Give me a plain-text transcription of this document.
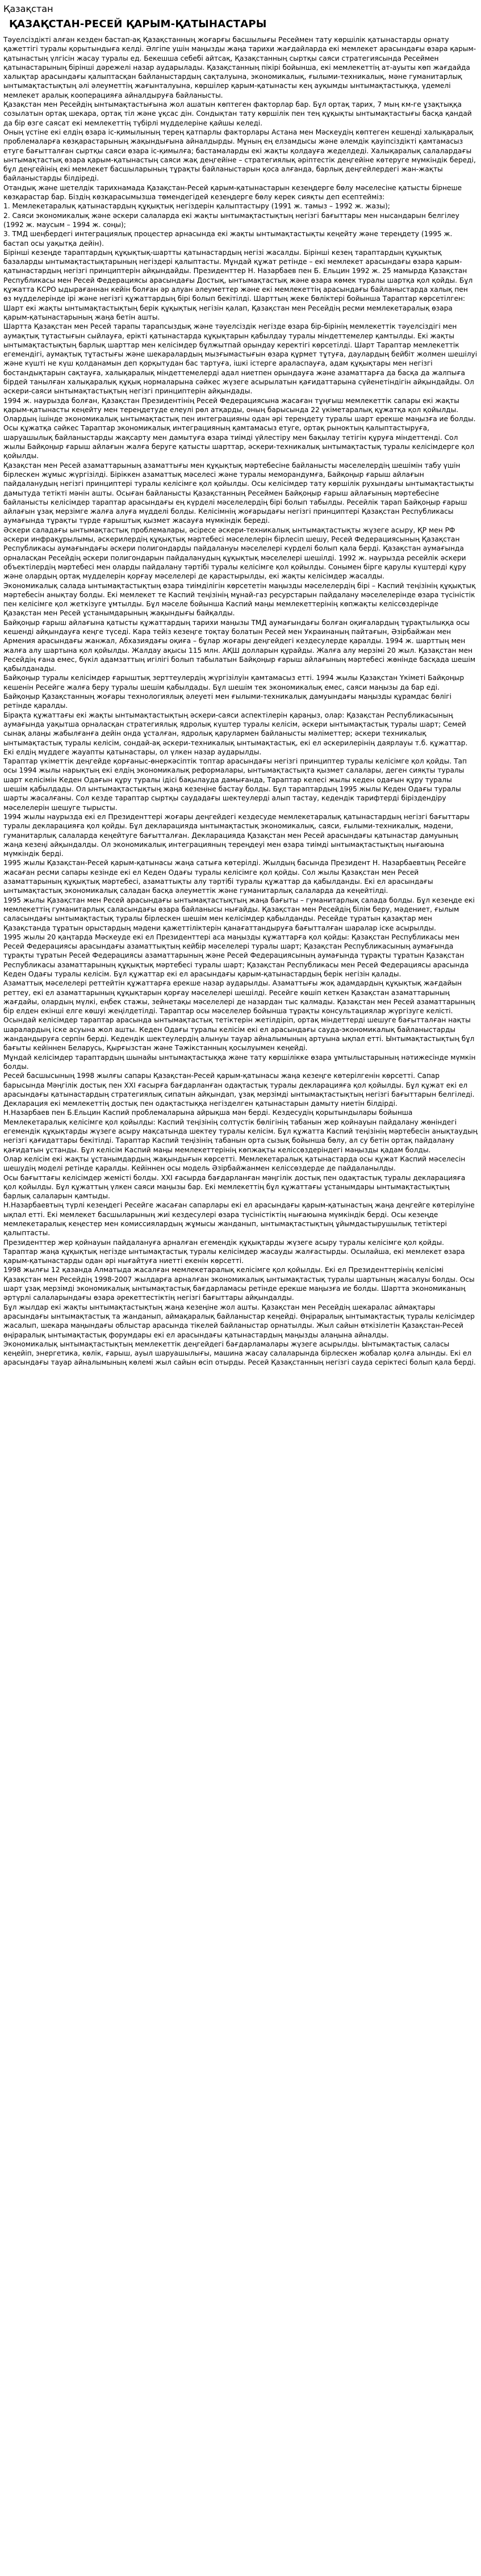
Қазақстан
ҚАЗАҚСТАН-РЕСЕЙ ҚАРЫМ-ҚАТЫНАСТАРЫ

Тәуелсіздікті алған кезден бастап-ақ Қазақстанның жоғарғы басшылығы Ресеймен тату көршілік қатынастарды орнату қажеттігі туралы қорытындыға келді. Әлгіпе ушін маңызды жаңа тарихи жағдайларда екі мемлекет арасындағы өзара қарым-қатынастың үлгісін жасау туралы ед. Бекешша себебі айтсақ, Қазақстанның сыртқы саяси стратегиясында Ресеймен қатынастарының бірінші дәрежелі назар аударылады. Қазақстанның пікірі бойынша, екі мемлекеттің ат-ауыты көп жағдайда халықтар арасындағы қалыптасқан байланыстардың сақталуына, экономикалық, ғылыми-техникалық, мәне гуманитарлық ынтымақтастықтың әлі әлеуметтің жағынталуына, көршілер қарым-қатынасты кең ауқымды ынтымақтастыққа, үдемелі мемлекет аралық кооперацияға айналдыруға байланысты.

Қазақстан мен Ресейдің ынтымақтастығына жол ашатын көптеген факторлар бар. Бұл ортақ тарих, 7 мың км-ге ұзақтыққа созылатын ортақ шекара, ортақ тіл және ұқсас дін. Сондықтан тату көршілік пен тең құқықты ынтымақтастығы басқа қандай да бір өзге саясат екі мемлекеттің түбірлі мүдделеріне қайшы келеді.

Оның үстіне екі елдің өзара іс-қимылының терең қатпарлы факторлары Астана мен Мәскеудің көптеген кешенді халықаралық проблемаларға көзқарастарының жақындығына айналдырды. Мұның ең елзамдысы және әлемдік қауіпсіздікті қамтамасыз етуге бағытталған сыртқы саяси өзара іс-қимылға; бастамаларды екі жақты қолдауға жеделдеді. Халықаралық салалардағы ынтымақтастық өзара қарым-қатынастың саяси жақ деңгейіне – стратегиялық әріптестік деңгейіне көтеруге мүмкіндік береді, бұл деңгейінің екі мемлекет басшыларының тұрақты байланыстарын қоса алғанда, барлық деңгейлердегі жан-жақты байланыстарды білдіреді.

Отандық және шетелдік тарихнамада Қазақстан-Ресей қарым-қатынастарын кезеңдерге бөлу мәселесіне қатысты бірнеше көзқарастар бар. Біздің көзқарасымызша төмендегідей кезеңдерге бөлу керек сияқты деп есептейміз:

1. Мемлекетаралық қатынастардың құқықтық негіздерін қалыптастыру (1991 ж. тамыз – 1992 ж. жазы);

2. Саяси экономикалық және әскери салаларда екі жақты ынтымақтастықтың негізгі бағыттары мен нысандарын белгілеу (1992 ж. маусым – 1994 ж. соңы);

3. ТМД шеңбердегі интеграциялық процестер арнасында екі жақты ынтымақтастықты кеңейту және тереңдету (1995 ж. бастап осы уақытқа дейін).

Бірінші кезеңде тараптардың құқықтық-шартты қатынастардың негізі жасалды. Бірінші кезең тараптардың құқықтық базаларды ынтымақтастықтарының негіздері қалыптасты. Мұндай құжат ретінде – екі мемлекет арасындағы өзара қарым-қатынастардың негізгі принциптерін айқындайды. Президенттер Н. Назарбаев пен Б. Ельцин 1992 ж. 25 мамырда Қазақстан Республикасы мен Ресей Федерациясы арасындағы Достық, ынтымақтастық және өзара көмек туралы шартқа қол қойды. Бұл құжатта КСРО ыдырағаннан кейін болған әр алуан әлеуметтер және екі мемлекеттің арасындағы байланыстарда халық пен өз мүдделерінде ірі және негізгі құжаттардың бірі болып бекітілді. Шарттың жеке бөліктері бойынша Тараптар көрсетілген: Шарт екі жақты ынтымақтастықтың берік құқықтық негізін қалап, Қазақстан мен Ресейдің ресми мемлекетаралық өзара қарым-қатынастарының жаңа бетін ашты.

Шартта Қазақстан мен Ресей тарапы тарапсыздық және тәуелсіздік негізде өзара бір-бірінің мемлекеттік тәуелсіздігі мен аумақтық тұтастығын сыйлауға, ерікті қатынастарда құқықтарын қабылдау туралы міндеттемелер қамтылды. Екі жақты ынтымақтастықтың барлық шарттар мен келісімдер бұлжытпай орындау керектігі көрсетілді. Шарт Тараптар мемлекеттік егемендігі, аумақтық тұтастығы және шекаралардың мызғымастығын өзара құрмет тұтуға, даулардың бейбіт жолмен шешілуі және күшті не күш қолданамын деп қорқытудан бас тартуға, ішкі істерге араласпауға, адам құқықтары мен негізгі бостандықтарын сақтауға, халықаралық міндеттемелерді адал ниетпен орындауға және азаматтарға да басқа да жалпыға бірдей танылған халықаралық құқық нормаларына сәйкес жүзеге асырылатын қағидаттарына сүйенетіндігін айқындайды. Ол әскери-саяси ынтымақтастықтың негізгі принциптерін айқындады.

1994 ж. наурызда болған, Қазақстан Президентінің Ресей Федерациясына жасаған тұңғыш мемлекеттік сапары екі жақты қарым-қатынасты кеңейту мен тереңдетуде елеулі рөл атқарды, оның барысында 22 үкіметаралық құжатқа қол қойылды. Олардың ішінде экономикалық ынтымақтастық пен интеграцияны одан әрі тереңдету туралы шарт ерекше маңызға ие болды. Осы құжатқа сәйкес Тараптар экономикалық интеграцияның қамтамасыз етуге, ортақ рыноктың қалыптастыруға, шаруашылық байланыстарды жақсарту мен дамытуға өзара тиімді үйлестіру мен бақылау тетігін құруға міндеттенді. Сол жылы Байқоңыр ғарыш айлағын жалға беруге қатысты шарттар, әскери-техникалық ынтымақтастық туралы келісімдерге қол қойылды.

Қазақстан мен Ресей азаматтарының азаматтығы мен құқықтық мәртебесіне байланысты мәселелердің шешімін табу үшін бірлескен жұмыс жүргізілді. Біріккен азаматтық мәселесі және туралы меморандумға, Байқоңыр ғарыш айлағын пайдаланудың негізгі принциптері туралы келісімге қол қойылды. Осы келісімдер тату көршілік рухындағы ынтымақтастықты дамытуда тетікті мәнін ашты. Осыған байланысты Қазақстанның Ресеймен Байқоңыр ғарыш айлағының мәртебесіне байланысты келісімдер тараптар арасындағы ең күрделі мәселелердің бірі болып табылды. Ресейлік тарап Байқоңыр ғарыш айлағын ұзақ мерзімге жалға алуға мүдделі болды. Келісімнің жоғарыдағы негізгі принциптері Қазақстан Республикасы аумағында тұрақты түрде ғарыштық қызмет жасауға мүмкіндік береді.

Әскери саладағы ынтымақтастық проблемалары, әсіресе әскери-техникалық ынтымақтастықты жүзеге асыру, ҚР мен РФ әскери инфрақұрылымы, әскерилердің құқықтық мәртебесі мәселелерін бірлесіп шешу, Ресей Федерациясының Қазақстан Республикасы аумағындағы әскери полигондарды пайдалануы мәселелері күрделі болып қала берді. Қазақстан аумағында орналасқан Ресейдің әскери полигондарын пайдаланудың құқықтық мәселелері шешілді. 1992 ж. наурызда ресейлік әскери объектілердің мәртебесі мен оларды пайдалану тәртібі туралы келісімге қол қойылды. Сонымен бірге қарулы күштерді құру және олардың ортақ мүдделерін қорғау мәселелері де қарастырылды, екі жақты келісімдер жасалды.

Экономикалық салада ынтымақтастықтың өзара тиімділігін көрсететін маңызды мәселелердің бірі – Каспий теңізінің құқықтық мәртебесін анықтау болды. Екі мемлекет те Каспий теңізінің мұнай-газ ресурстарын пайдалану мәселелерінде өзара түсіністік пен келісімге қол жеткізуге ұмтылды. Бұл мәселе бойынша Каспий маңы мемлекеттерінің көпжақты келіссөздерінде Қазақстан мен Ресей ұстанымдарының жақындығы байқалды.

Байқоңыр ғарыш айлағына қатысты құжаттардың тарихи маңызы ТМД аумағындағы болған оқиғалардың тұрақтылыққа осы кешенді айқындауға кеңге түседі. Кара тейіз кезеңге тоқтау болатын Ресей мен Украинаның пайтағын, Әзірбайжан мен Армения арасындағы жанжал, Абхазиядағы оқиға – бұлар жоғары деңгейдегі кездесулерде қаралды. 1994 ж. шарттың мен жалға алу шартына қол қойылды. Жалдау ақысы 115 млн. АҚШ долларын құрайды. Жалға алу мерзімі 20 жыл. Қазақстан мен Ресейдің ғана емес, бүкіл адамзаттың игілігі болып табылатын Байқоңыр ғарыш айлағының мәртебесі жөнінде басқада шешім қабылданады.

Байқоңыр туралы келісімдер ғарыштық зерттеулердің жүргізілуін қамтамасыз етті. 1994 жылы Қазақстан Үкіметі Байқоңыр кешенін Ресейге жалға беру туралы шешім қабылдады. Бұл шешім тек экономикалық емес, саяси маңызы да бар еді. Байқоңыр Қазақстанның жоғары технологиялық әлеуеті мен ғылыми-техникалық дамуындағы маңызды құрамдас бөлігі ретінде қаралды.

Бірақта құжаттағы екі жақты ынтымақтастықтың әскери-саяси аспектілерін қараңыз, олар: Қазақстан Республикасының аумағында уақытша орналасқан стратегиялық ядролық күштер туралы келісім, әскери ынтымақтастық туралы шарт; Семей сынақ алаңы жабылғанға дейін онда ұсталған, ядролық қарулармен байланысты мәліметтер; әскери техникалық ынтымақтастық туралы келісім, сондай-ақ әскери-техникалық ынтымақтастық, екі ел әскерилерінің даярлауы т.б. құжаттар. Екі елдің мүддеге жауапты қатынастары, ол үлкен назар аударылды.

Тараптар үкіметтік деңгейде қорғаныс-өнеркәсіптік топтар арасындағы негізгі принциптер туралы келісімге қол қойды. Тап осы 1994 жылы нарықтың екі елдің экономикалық реформалары, ынтымақтастықта қызмет салалары, деген сияқты туралы шарт келісімін Кеден Одағын құру туралы ідісі бақылауда дамығанда, Тараптар келесі жылы кеден одағын құру туралы шешім қабылдады. Ол ынтымақтастықтың жаңа кезеңіне бастау болды. Бұл тараптардың 1995 жылы Кеден Одағы туралы шарты жасалғаны. Сол кезде тараптар сыртқы саудадағы шектеулерді алып тастау, кедендік тарифтерді біріздендіру мәселелерін шешуге тырысты.

1994 жылы наурызда екі ел Президенттері жоғары деңгейдегі кездесуде мемлекетаралық қатынастардың негізгі бағыттары туралы декларацияға қол қойды. Бұл декларацияда ынтымақтастық экономикалық, саяси, ғылыми-техникалық, мәдени, гуманитарлық салаларда кеңейтуге бағытталған. Декларацияда Қазақстан мен Ресей арасындағы қатынастар дамуының жаңа кезеңі айқындалды. Ол экономикалық интеграцияның тереңдеуі мен өзара тиімді ынтымақтастықтың нығаюына мүмкіндік берді.

1995 жылы Қазақстан-Ресей қарым-қатынасы жаңа сатыға көтерілді. Жылдың басында Президент Н. Назарбаевтың Ресейге жасаған ресми сапары кезінде екі ел Кеден Одағы туралы келісімге қол қойды. Сол жылы Қазақстан мен Ресей азаматтарының құқықтық мәртебесі, азаматтықты алу тәртібі туралы құжаттар да қабылданды. Екі ел арасындағы ынтымақтастық экономикалық саладан басқа әлеуметтік және гуманитарлық салаларда да кеңейтілді.

1995 жылы Қазақстан мен Ресей арасындағы ынтымақтастықтың жаңа бағыты – гуманитарлық салада болды. Бұл кезеңде екі мемлекеттің гуманитарлық саласындағы өзара байланысы нығайды. Қазақстан мен Ресейдің білім беру, мәдениет, ғылым саласындағы ынтымақтастық туралы бірлескен шешім мен келісімдер қабылданды. Ресейде тұратын қазақтар мен Қазақстанда тұратын орыстардың мәдени қажеттіліктерін қанағаттандыруға бағытталған шаралар іске асырылды.

1995 жылы 20 қаңтарда Мәскеуде екі ел Президенттері аса маңызды құжаттарға қол қойды: Қазақстан Республикасы мен Ресей Федерациясы арасындағы азаматтықтың кейбір мәселелері туралы шарт; Қазақстан Республикасының аумағында тұрақты тұратын Ресей Федерациясы азаматтарының және Ресей Федерациясының аумағында тұрақты тұратын Қазақстан Республикасы азаматтарының құқықтық мәртебесі туралы шарт; Қазақстан Республикасы мен Ресей Федерациясы арасында Кеден Одағы туралы келісім. Бұл құжаттар екі ел арасындағы қарым-қатынастардың берік негізін қалады.

Азаматтық мәселелері реттейтін құжаттарға ерекше назар аударылды. Азаматтығы жоқ адамдардың құқықтық жағдайын реттеу, екі ел азаматтарының құқықтарын қорғау мәселелері шешілді. Ресейге көшіп кеткен Қазақстан азаматтарының жағдайы, олардың мүлкі, еңбек стажы, зейнетақы мәселелері де назардан тыс қалмады. Қазақстан мен Ресей азаматтарының бір елден екінші елге көшуі жеңілдетілді. Тараптар осы мәселелер бойынша тұрақты консультациялар жүргізуге келісті.

Осындай келісімдер тараптар арасында ынтымақтастық тетіктерін жетілдіріп, ортақ міндеттерді шешуге бағытталған нақты шаралардың іске асуына жол ашты. Кеден Одағы туралы келісім екі ел арасындағы сауда-экономикалық байланыстарды жандандыруға серпін берді. Кедендік шектеулердің алынуы тауар айналымының артуына ықпал етті. Ынтымақтастықтың бұл бағыты кейіннен Беларусь, Қырғызстан және Тәжікстанның қосылуымен кеңейді.

Мұндай келісімдер тараптардың шынайы ынтымақтастыққа және тату көршілікке өзара ұмтылыстарының нәтижесінде мүмкін болды.

Ресей басшысының 1998 жылғы сапары Қазақстан-Ресей қарым-қатынасы жаңа кезеңге көтерілгенін көрсетті. Сапар барысында Мәңгілік достық пен XXI ғасырға бағдарланған одақтастық туралы декларацияға қол қойылды. Бұл құжат екі ел арасындағы қатынастардың стратегиялық сипатын айқындап, ұзақ мерзімді ынтымақтастықтың негізгі бағыттарын белгіледі. Декларация екі мемлекеттің достық пен одақтастыққа негізделген қатынастарын дамыту ниетін білдірді.

Н.Назарбаев пен Б.Ельцин Каспий проблемаларына айрықша мән берді. Кездесудің қорытындылары бойынша Мемлекетаралық келісімге қол қойылды: Каспий теңізінің солтүстік бөлігінің табанын жер қойнауын пайдалану жөніндегі егемендік құқықтарды жүзеге асыру мақсатында шектеу туралы келісім. Бұл құжатта Каспий теңізінің мәртебесін анықтаудың негізгі қағидаттары бекітілді. Тараптар Каспий теңізінің табанын орта сызық бойынша бөлу, ал су бетін ортақ пайдалану қағидатын ұстанды. Бұл келісім Каспий маңы мемлекеттерінің көпжақты келіссөздеріндегі маңызды қадам болды.

Олар келісім екі жақты ұстанымдардың жақындығын көрсетті. Мемлекетаралық қатынастарда осы құжат Каспий мәселесін шешудің моделі ретінде қаралды. Кейіннен осы модель Әзірбайжанмен келіссөздерде де пайдаланылды.

Осы бағыттағы келісімдер жемісті болды. XXI ғасырда бағдарланған мәңгілік достық пен одақтастық туралы декларацияға қол қойылды. Бұл құжаттың үлкен саяси маңызы бар. Екі мемлекеттің бұл құжаттағы ұстанымдары ынтымақтастықтың барлық салаларын қамтыды.

Н.Назарбаевтың түрлі кезеңдегі Ресейге жасаған сапарлары екі ел арасындағы қарым-қатынастың жаңа деңгейге көтерілуіне ықпал етті. Екі мемлекет басшыларының жиі кездесулері өзара түсіністіктің нығаюына мүмкіндік берді. Осы кезеңде мемлекетаралық кеңестер мен комиссиялардың жұмысы жанданып, ынтымақтастықтың ұйымдастырушылық тетіктері қалыптасты.

Президенттер жер қойнауын пайдалануға арналған егемендік құқықтарды жүзеге асыру туралы келісімге қол қойды. Тараптар жаңа құқықтық негізде ынтымақтастық туралы келісімдер жасауды жалғастырды. Осылайша, екі мемлекет өзара қарым-қатынастарды одан әрі нығайтуға ниетті екенін көрсетті.

1998 жылғы 12 қазанда Алматыда жасалған мемлекетаралық келісімге қол қойылды. Екі ел Президенттерінің келісімі Қазақстан мен Ресейдің 1998-2007 жылдарға арналған экономикалық ынтымақтастық туралы шартының жасалуы болды. Осы шарт ұзақ мерзімді экономикалық ынтымақтастық бағдарламасы ретінде ерекше маңызға ие болды. Шартта экономиканың әртүрлі салаларындағы өзара әрекеттестіктің негізгі бағыттары айқындалды.

Бұл жылдар екі жақты ынтымақтастықтың жаңа кезеңіне жол ашты. Қазақстан мен Ресейдің шекаралас аймақтары арасындағы ынтымақтастық та жанданып, аймақаралық байланыстар кеңейді. Өңіраралық ынтымақтастық туралы келісімдер жасалып, шекара маңындағы облыстар арасында тікелей байланыстар орнатылды. Жыл сайын өткізілетін Қазақстан-Ресей өңіраралық ынтымақтастық форумдары екі ел арасындағы қатынастардың маңызды алаңына айналды.

Экономикалық ынтымақтастықтың мемлекеттік деңгейдегі бағдарламалары жүзеге асырылды. Ынтымақтастық саласы кеңейіп, энергетика, көлік, ғарыш, ауыл шаруашылығы, машина жасау салаларында бірлескен жобалар қолға алынды. Екі ел арасындағы тауар айналымының көлемі жыл сайын өсіп отырды. Ресей Қазақстанның негізгі сауда серіктесі болып қала берді.
